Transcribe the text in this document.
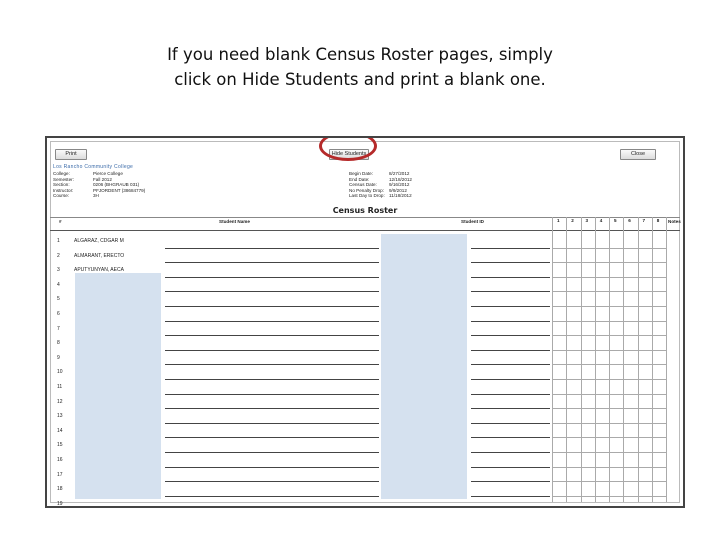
If you need blank Census Roster pages, simply
click on Hide Students and print a blank one.
Print	Hide Students	Close
Los Rancho Community College
College:	Pierce College
Semester:	Fall 2012
Section:	0206 (BHGRAUB 031)
Instructor:	PFJORDENT (38684779)
Course:	3H
Begin Date:	8/27/2012
End Date:	12/18/2012
Census Date:	9/16/2012
No Penalty Drop:	9/9/2012
Last Day to Drop: 11/18/2012
Census Roster
#	Student Name	Student ID	Notes
1	2	3	4	5	6	7	8
1	ALGARAZ, CDGAR M
2	ALMARANT, ERECTO
3	APUTYUNYAN, AECA
4
5
6
7
8
9
10
11
12
13
14
15
16
17
18
19
